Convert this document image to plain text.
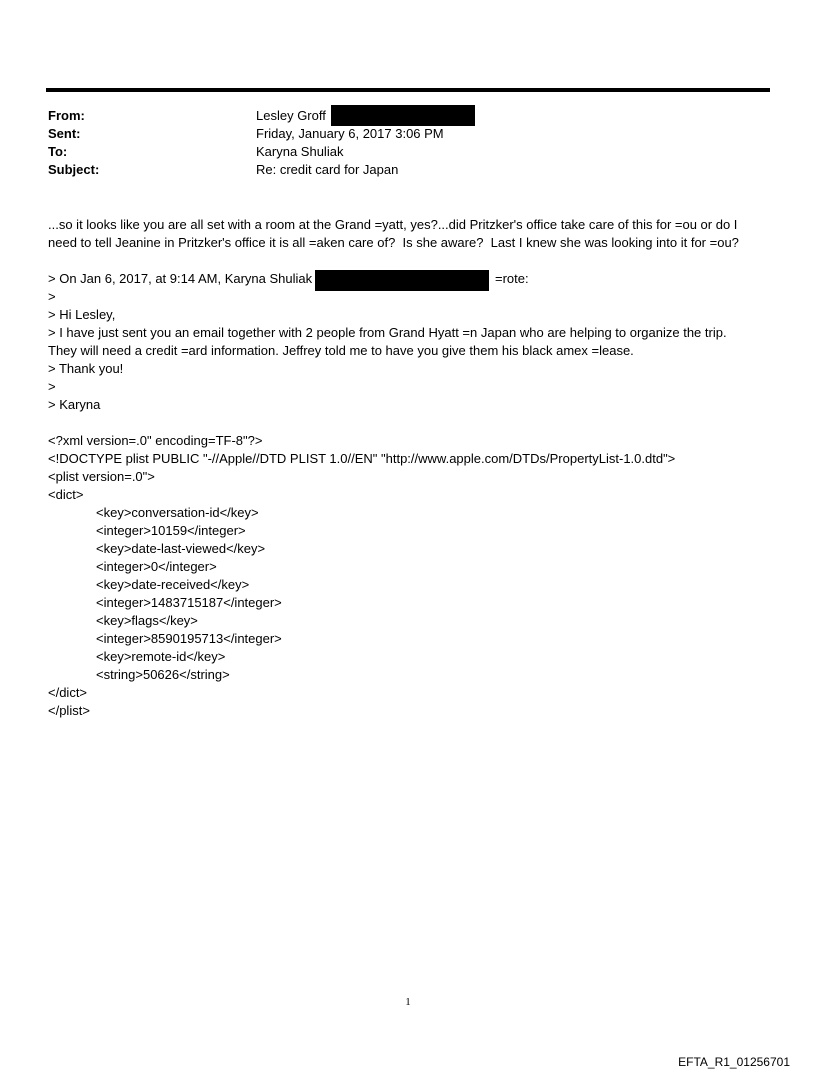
From:	Lesley Groff
Sent:	Friday, January 6, 2017 3:06 PM
To:	Karyna Shuliak
Subject:	Re: credit card for Japan
...so it looks like you are all set with a room at the Grand =yatt, yes?...did Pritzker's office take care of this for =ou or do I
need to tell Jeanine in Pritzker's office it is all =aken care of?  Is she aware?  Last I knew she was looking into it for =ou?
> On Jan 6, 2017, at 9:14 AM, Karyna Shuliak	=rote:
>
> Hi Lesley,
> I have just sent you an email together with 2 people from Grand Hyatt =n Japan who are helping to organize the trip.
They will need a credit =ard information. Jeffrey told me to have you give them his black amex =lease.
> Thank you!
>
> Karyna
<?xml version=.0" encoding=TF-8"?>
<!DOCTYPE plist PUBLIC "-//Apple//DTD PLIST 1.0//EN" "http://www.apple.com/DTDs/PropertyList-1.0.dtd">
<plist version=.0">
<dict>
<key>conversation-id</key>
<integer>10159</integer>
<key>date-last-viewed</key>
<integer>0</integer>
<key>date-received</key>
<integer>1483715187</integer>
<key>flags</key>
<integer>8590195713</integer>
<key>remote-id</key>
<string>50626</string>
</dict>
</plist>
1
EFTA_R1_01256701
